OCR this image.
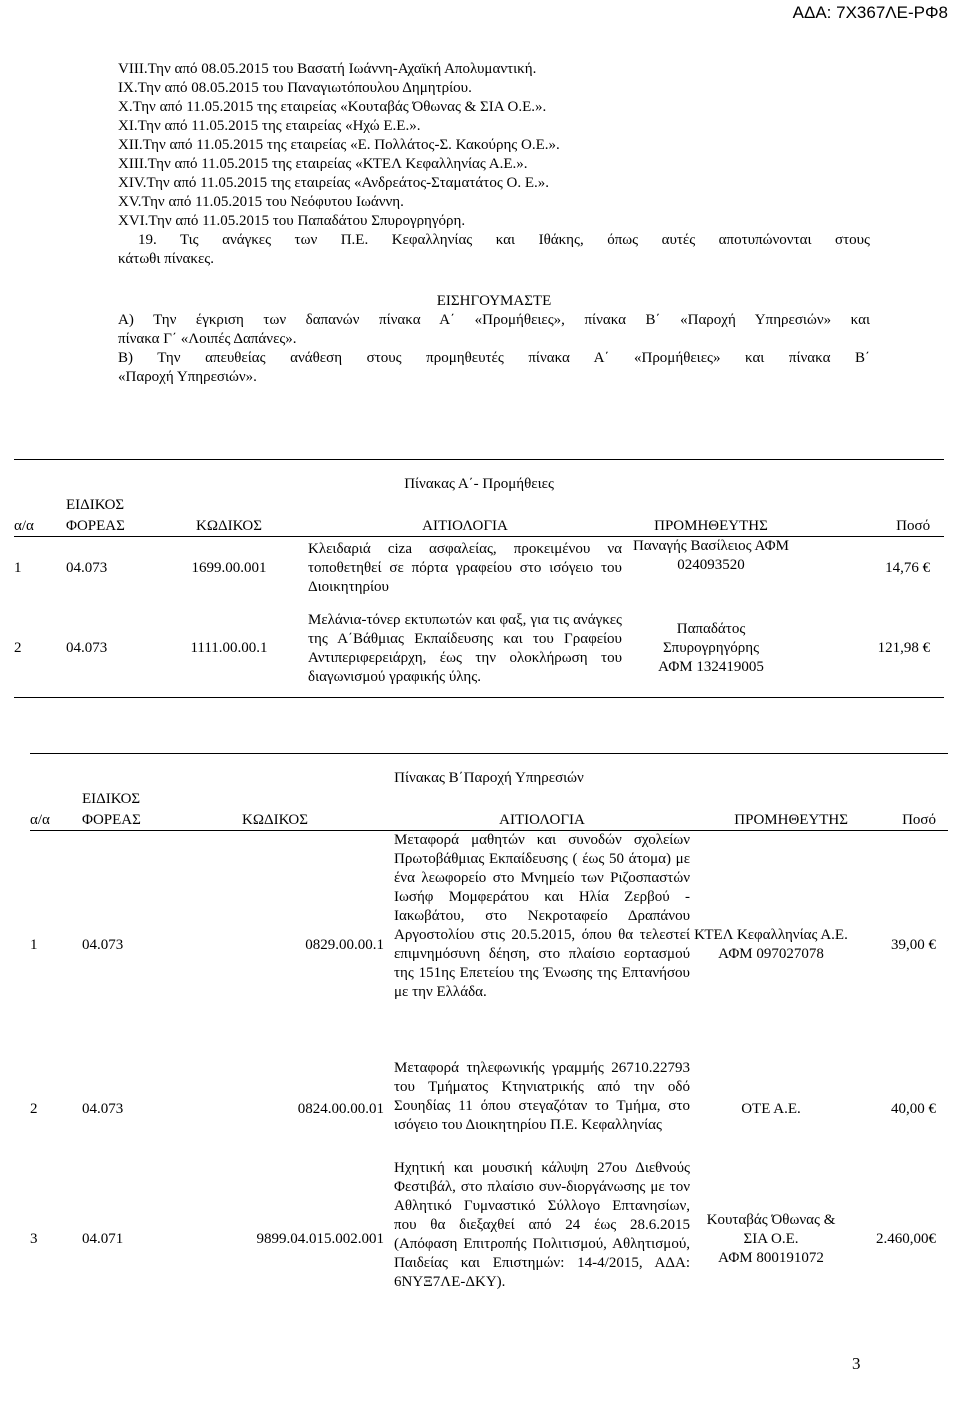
ΑΔΑ: 7Χ367ΛΕ-ΡΦ8
VIII.Την από 08.05.2015 του Βασατή Ιωάννη-Αχαϊκή Απολυμαντική.
IX.Την από 08.05.2015 του Παναγιωτόπουλου Δημητρίου.
X.Την από 11.05.2015 της εταιρείας «Κουταβάς Όθωνας & ΣΙΑ Ο.Ε.».
XI.Την από 11.05.2015 της εταιρείας «Ηχώ Ε.Ε.».
XII.Την από 11.05.2015 της εταιρείας «Ε. Πολλάτος-Σ. Κακούρης Ο.Ε.».
XIII.Την από 11.05.2015 της εταιρείας «ΚΤΕΛ Κεφαλληνίας Α.Ε.».
XIV.Την από 11.05.2015 της εταιρείας «Ανδρεάτος-Σταματάτος Ο. Ε.».
XV.Την από 11.05.2015 του Νεόφυτου Ιωάννη.
XVI.Την από 11.05.2015 του Παπαδάτου Σπυρογρηγόρη.
19. Τις ανάγκες των Π.Ε. Κεφαλληνίας και Ιθάκης, όπως αυτές αποτυπώνονται στους
κάτωθι πίνακες.
ΕΙΣΗΓΟΥΜΑΣΤΕ
Α) Την έγκριση των δαπανών πίνακα Α΄ «Προμήθειες», πίνακα Β΄ «Παροχή Υπηρεσιών» και
πίνακα Γ΄ «Λοιπές Δαπάνες».
Β) Την απευθείας ανάθεση στους προμηθευτές πίνακα Α΄ «Προμήθειες» και πίνακα Β΄
«Παροχή Υπηρεσιών».
Πίνακας Α΄- Προμήθειες					
α/α	ΕΙΔΙΚΟΣ				
	ΦΟΡΕΑΣ	ΚΩΔΙΚΟΣ	ΑΙΤΙΟΛΟΓΙΑ	ΠΡΟΜΗΘΕΥΤΗΣ	Ποσό

1	04.073	1699.00.001	Κλειδαριά ciza ασφαλείας, προκειμένου να τοποθετηθεί σε πόρτα γραφείου στο ισόγειο του Διοικητηρίου	Παναγής Βασίλειος ΑΦΜ
024093520	14,76 €
2	04.073	1111.00.00.1	Μελάνια-τόνερ εκτυπωτών και φαξ, για τις ανάγκες της Α΄Βάθμιας Εκπαίδευσης και του Γραφείου Αντιπεριφερειάρχη, έως την ολοκλήρωση του διαγωνισμού γραφικής ύλης.	Παπαδάτος
Σπυρογρηγόρης
ΑΦΜ 132419005	121,98 €
Πίνακας Β΄Παροχή Υπηρεσιών					
α/α	ΕΙΔΙΚΟΣ				
	ΦΟΡΕΑΣ	ΚΩΔΙΚΟΣ	ΑΙΤΙΟΛΟΓΙΑ	ΠΡΟΜΗΘΕΥΤΗΣ	Ποσό

1	04.073	0829.00.00.1	Μεταφορά μαθητών και συνοδών σχολείων Πρωτοβάθμιας Εκπαίδευσης ( έως 50 άτομα) με ένα λεωφορείο στο Μνημείο των Ριζοσπαστών Ιωσήφ Μομφεράτου και Ηλία Ζερβού - Ιακωβάτου, στο Νεκροταφείο Δραπάνου Αργοστολίου στις 20.5.2015, όπου θα τελεστεί επιμνημόσυνη δέηση, στο πλαίσιο εορτασμού της 151ης Επετείου της Ένωσης της Επτανήσου με την Ελλάδα.	ΚΤΕΛ Κεφαλληνίας Α.Ε.
ΑΦΜ 097027078	39,00 €
2	04.073	0824.00.00.01	Μεταφορά τηλεφωνικής γραμμής 26710.22793 του Τμήματος Κτηνιατρικής από την οδό Σουηδίας 11 όπου στεγαζόταν το Τμήμα, στο ισόγειο του Διοικητηρίου Π.Ε. Κεφαλληνίας	ΟΤΕ Α.Ε.	40,00 €
3	04.071	9899.04.015.002.001	Ηχητική και μουσική κάλυψη 27ου Διεθνούς Φεστιβάλ, στο πλαίσιο συν-διοργάνωσης με τον Αθλητικό Γυμναστικό Σύλλογο Επτανησίων, που θα διεξαχθεί από 24 έως 28.6.2015 (Απόφαση Επιτροπής Πολιτισμού, Αθλητισμού, Παιδείας και Επιστημών: 14-4/2015, ΑΔΑ: 6ΝΥΞ7ΛΕ-ΔΚΥ).	Κουταβάς Όθωνας & ΣΙΑ Ο.Ε.
ΑΦΜ 800191072	2.460,00€
3
